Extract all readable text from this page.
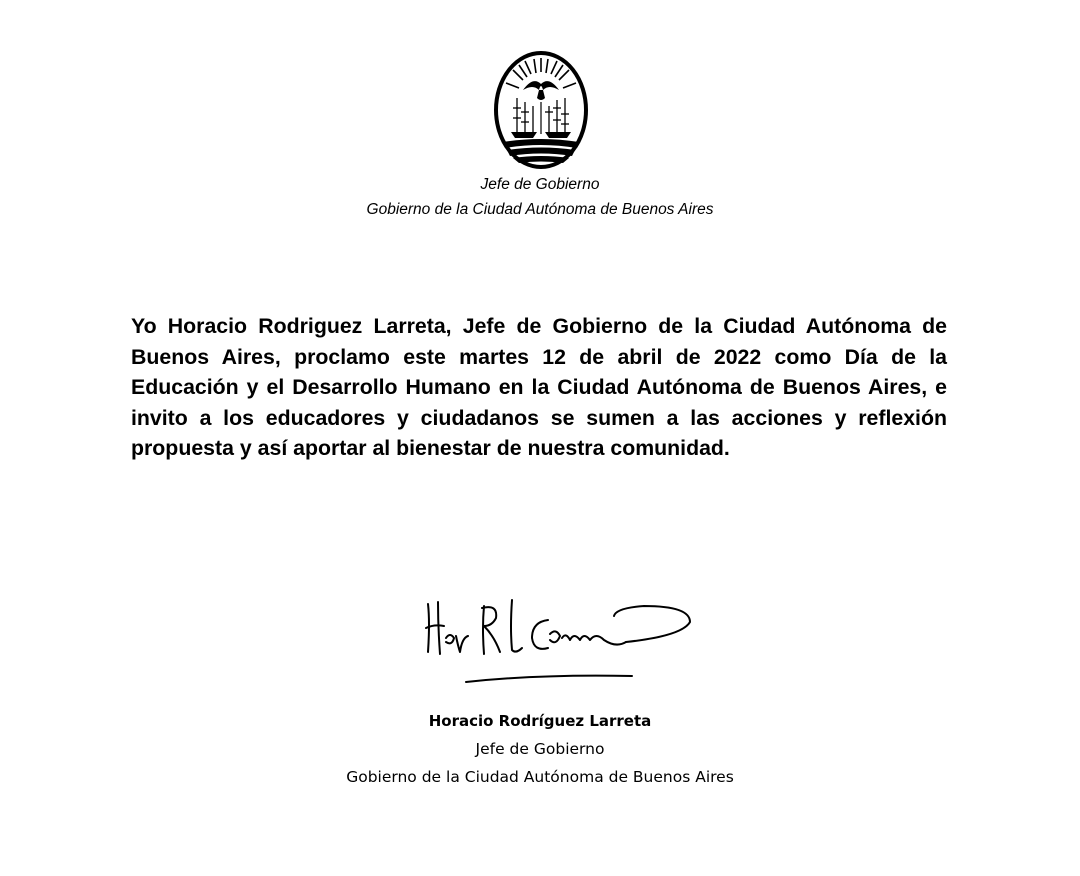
Jefe de Gobierno
Gobierno de la Ciudad Autónoma de Buenos Aires

Yo Horacio Rodriguez Larreta, Jefe de Gobierno de la Ciudad Autónoma de Buenos Aires, proclamo este martes 12 de abril de 2022 como Día de la Educación y el Desarrollo Humano en la Ciudad Autónoma de Buenos Aires, e invito a los educadores y ciudadanos se sumen a las acciones y reflexión propuesta y así aportar al bienestar de nuestra comunidad.

Horacio Rodríguez Larreta
Jefe de Gobierno
Gobierno de la Ciudad Autónoma de Buenos Aires
